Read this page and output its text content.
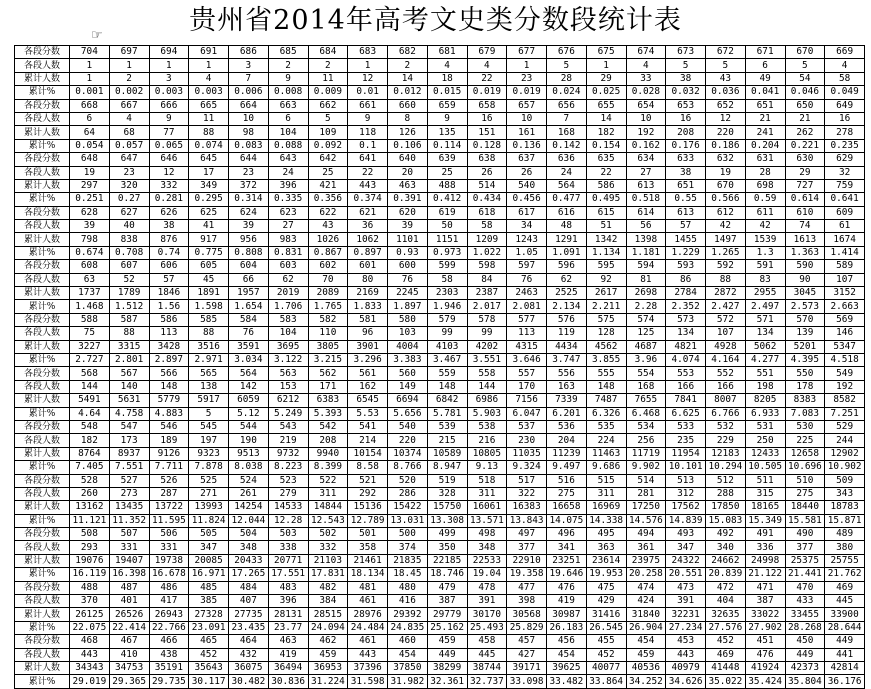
贵州省2014年高考文史类分数段统计表
☞
各段分数	704	697	694	691	686	685	684	683	682	681	679	677	676	675	674	673	672	671	670	669
各段人数	1	1	1	1	3	2	2	1	2	4	4	1	5	1	4	5	5	6	5	4
累计人数	1	2	3	4	7	9	11	12	14	18	22	23	28	29	33	38	43	49	54	58
累计%	0.001	0.002	0.003	0.003	0.006	0.008	0.009	0.01	0.012	0.015	0.019	0.019	0.024	0.025	0.028	0.032	0.036	0.041	0.046	0.049
各段分数	668	667	666	665	664	663	662	661	660	659	658	657	656	655	654	653	652	651	650	649
各段人数	6	4	9	11	10	6	5	9	8	9	16	10	7	14	10	16	12	21	21	16
累计人数	64	68	77	88	98	104	109	118	126	135	151	161	168	182	192	208	220	241	262	278
累计%	0.054	0.057	0.065	0.074	0.083	0.088	0.092	0.1	0.106	0.114	0.128	0.136	0.142	0.154	0.162	0.176	0.186	0.204	0.221	0.235
各段分数	648	647	646	645	644	643	642	641	640	639	638	637	636	635	634	633	632	631	630	629
各段人数	19	23	12	17	23	24	25	22	20	25	26	26	24	22	27	38	19	28	29	32
累计人数	297	320	332	349	372	396	421	443	463	488	514	540	564	586	613	651	670	698	727	759
累计%	0.251	0.27	0.281	0.295	0.314	0.335	0.356	0.374	0.391	0.412	0.434	0.456	0.477	0.495	0.518	0.55	0.566	0.59	0.614	0.641
各段分数	628	627	626	625	624	623	622	621	620	619	618	617	616	615	614	613	612	611	610	609
各段人数	39	40	38	41	39	27	43	36	39	50	58	34	48	51	56	57	42	42	74	61
累计人数	798	838	876	917	956	983	1026	1062	1101	1151	1209	1243	1291	1342	1398	1455	1497	1539	1613	1674
累计%	0.674	0.708	0.74	0.775	0.808	0.831	0.867	0.897	0.93	0.973	1.022	1.05	1.091	1.134	1.181	1.229	1.265	1.3	1.363	1.414
各段分数	608	607	606	605	604	603	602	601	600	599	598	597	596	595	594	593	592	591	590	589
各段人数	63	52	57	45	66	62	70	80	76	58	84	76	62	92	81	86	88	83	90	107
累计人数	1737	1789	1846	1891	1957	2019	2089	2169	2245	2303	2387	2463	2525	2617	2698	2784	2872	2955	3045	3152
累计%	1.468	1.512	1.56	1.598	1.654	1.706	1.765	1.833	1.897	1.946	2.017	2.081	2.134	2.211	2.28	2.352	2.427	2.497	2.573	2.663
各段分数	588	587	586	585	584	583	582	581	580	579	578	577	576	575	574	573	572	571	570	569
各段人数	75	88	113	88	76	104	110	96	103	99	99	113	119	128	125	134	107	134	139	146
累计人数	3227	3315	3428	3516	3591	3695	3805	3901	4004	4103	4202	4315	4434	4562	4687	4821	4928	5062	5201	5347
累计%	2.727	2.801	2.897	2.971	3.034	3.122	3.215	3.296	3.383	3.467	3.551	3.646	3.747	3.855	3.96	4.074	4.164	4.277	4.395	4.518
各段分数	568	567	566	565	564	563	562	561	560	559	558	557	556	555	554	553	552	551	550	549
各段人数	144	140	148	138	142	153	171	162	149	148	144	170	163	148	168	166	166	198	178	192
累计人数	5491	5631	5779	5917	6059	6212	6383	6545	6694	6842	6986	7156	7339	7487	7655	7841	8007	8205	8383	8582
累计%	4.64	4.758	4.883	5	5.12	5.249	5.393	5.53	5.656	5.781	5.903	6.047	6.201	6.326	6.468	6.625	6.766	6.933	7.083	7.251
各段分数	548	547	546	545	544	543	542	541	540	539	538	537	536	535	534	533	532	531	530	529
各段人数	182	173	189	197	190	219	208	214	220	215	216	230	204	224	256	235	229	250	225	244
累计人数	8764	8937	9126	9323	9513	9732	9940	10154	10374	10589	10805	11035	11239	11463	11719	11954	12183	12433	12658	12902
累计%	7.405	7.551	7.711	7.878	8.038	8.223	8.399	8.58	8.766	8.947	9.13	9.324	9.497	9.686	9.902	10.101	10.294	10.505	10.696	10.902
各段分数	528	527	526	525	524	523	522	521	520	519	518	517	516	515	514	513	512	511	510	509
各段人数	260	273	287	271	261	279	311	292	286	328	311	322	275	311	281	312	288	315	275	343
累计人数	13162	13435	13722	13993	14254	14533	14844	15136	15422	15750	16061	16383	16658	16969	17250	17562	17850	18165	18440	18783
累计%	11.121	11.352	11.595	11.824	12.044	12.28	12.543	12.789	13.031	13.308	13.571	13.843	14.075	14.338	14.576	14.839	15.083	15.349	15.581	15.871
各段分数	508	507	506	505	504	503	502	501	500	499	498	497	496	495	494	493	492	491	490	489
各段人数	293	331	331	347	348	338	332	358	374	350	348	377	341	363	361	347	340	336	377	380
累计人数	19076	19407	19738	20085	20433	20771	21103	21461	21835	22185	22533	22910	23251	23614	23975	24322	24662	24998	25375	25755
累计%	16.119	16.398	16.678	16.971	17.265	17.551	17.831	18.134	18.45	18.746	19.04	19.358	19.646	19.953	20.258	20.551	20.839	21.122	21.441	21.762
各段分数	488	487	486	485	484	483	482	481	480	479	478	477	476	475	474	473	472	471	470	469
各段人数	370	401	417	385	407	396	384	461	416	387	391	398	419	429	424	391	404	387	433	445
累计人数	26125	26526	26943	27328	27735	28131	28515	28976	29392	29779	30170	30568	30987	31416	31840	32231	32635	33022	33455	33900
累计%	22.075	22.414	22.766	23.091	23.435	23.77	24.094	24.484	24.835	25.162	25.493	25.829	26.183	26.545	26.904	27.234	27.576	27.902	28.268	28.644
各段分数	468	467	466	465	464	463	462	461	460	459	458	457	456	455	454	453	452	451	450	449
各段人数	443	410	438	452	432	419	459	443	454	449	445	427	454	452	459	443	469	476	449	441
累计人数	34343	34753	35191	35643	36075	36494	36953	37396	37850	38299	38744	39171	39625	40077	40536	40979	41448	41924	42373	42814
累计%	29.019	29.365	29.735	30.117	30.482	30.836	31.224	31.598	31.982	32.361	32.737	33.098	33.482	33.864	34.252	34.626	35.022	35.424	35.804	36.176
